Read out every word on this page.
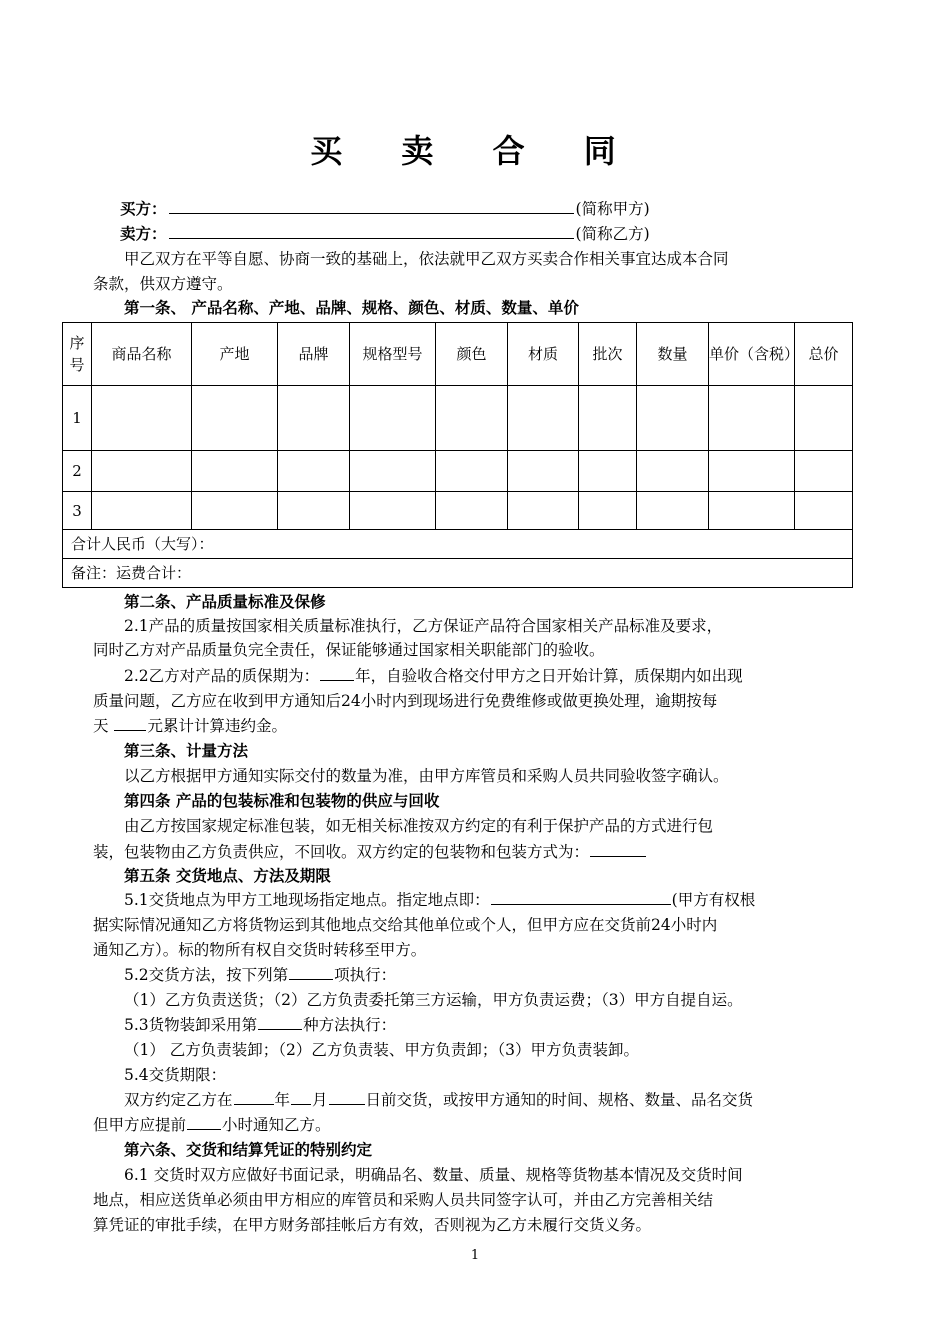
买 卖 合 同
买方：	(简称甲方)
卖方：	(简称乙方)
甲乙双方在平等自愿、协商一致的基础上，依法就甲乙双方买卖合作相关事宜达成本合同
条款，供双方遵守。
第一条、 产品名称、产地、品牌、规格、颜色、材质、数量、单价
序号	商品名称	产地	品牌	规格型号	颜色	材质	批次	数量	单价（含税）	总价
1										
2										
3										
合计人民币（大写）：										
备注：运费合计：										
第二条、产品质量标准及保修
2.1产品的质量按国家相关质量标准执行，乙方保证产品符合国家相关产品标准及要求，
同时乙方对产品质量负完全责任，保证能够通过国家相关职能部门的验收。
2.2乙方对产品的质保期为： 年，自验收合格交付甲方之日开始计算，质保期内如出现
质量问题，乙方应在收到甲方通知后24小时内到现场进行免费维修或做更换处理，逾期按每
天 元累计计算违约金。
第三条、计量方法
以乙方根据甲方通知实际交付的数量为准，由甲方库管员和采购人员共同验收签字确认。
第四条 产品的包装标准和包装物的供应与回收
由乙方按国家规定标准包装，如无相关标准按双方约定的有利于保护产品的方式进行包
装，包装物由乙方负责供应，不回收。双方约定的包装物和包装方式为：
第五条 交货地点、方法及期限
5.1交货地点为甲方工地现场指定地点。指定地点即：	(甲方有权根
据实际情况通知乙方将货物运到其他地点交给其他单位或个人，但甲方应在交货前24小时内
通知乙方）。标的物所有权自交货时转移至甲方。
5.2交货方法，按下列第	项执行：
（1）乙方负责送货；（2）乙方负责委托第三方运输，甲方负责运费；（3）甲方自提自运。
5.3货物装卸采用第	种方法执行：
（1） 乙方负责装卸；（2）乙方负责装、甲方负责卸；（3）甲方负责装卸。
5.4交货期限：
双方约定乙方在	年 月 日前交货，或按甲方通知的时间、规格、数量、品名交货
但甲方应提前 小时通知乙方。
第六条、交货和结算凭证的特别约定
6.1 交货时双方应做好书面记录，明确品名、数量、质量、规格等货物基本情况及交货时间
地点，相应送货单必须由甲方相应的库管员和采购人员共同签字认可，并由乙方完善相关结
算凭证的审批手续，在甲方财务部挂帐后方有效，否则视为乙方未履行交货义务。
1
